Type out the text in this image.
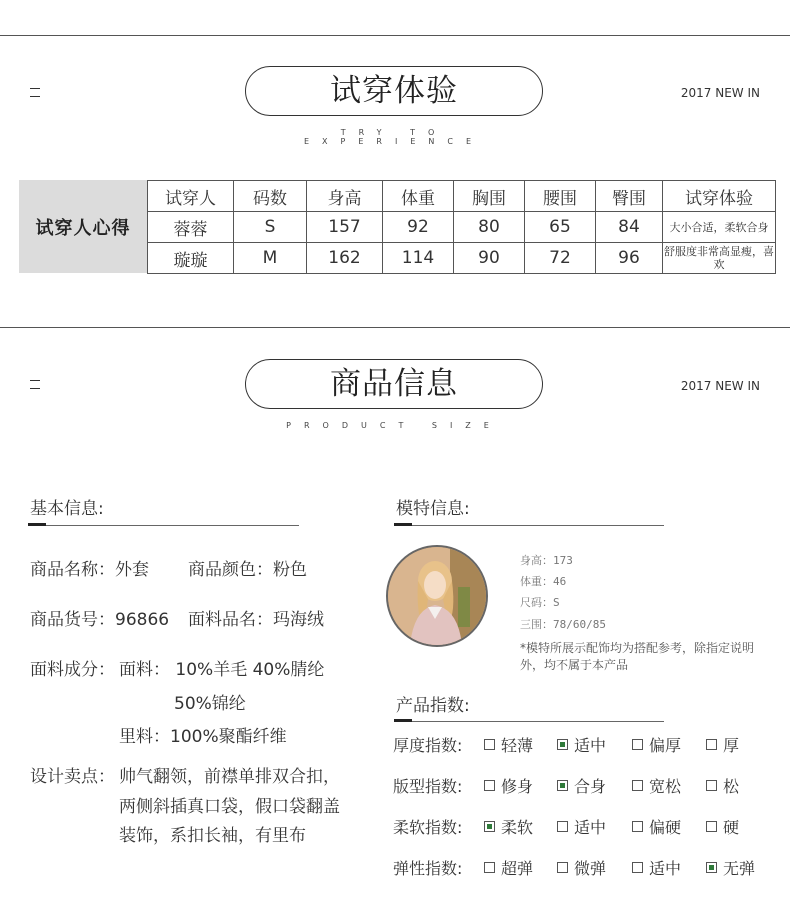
试穿体验
TRY TO EXPERIENCE
2017 NEW IN
试穿人心得
试穿人	码数	身高	体重	胸围	腰围	臀围	试穿体验
蓉蓉	S	157	92	80	65	84	大小合适，柔软合身
璇璇	M	162	114	90	72	96	舒服度非常高显瘦，喜欢
商品信息
PRODUCT SIZE
2017 NEW IN
基本信息:
商品名称：外套 商品颜色：粉色
商品货号：96866 面料品名：玛海绒
面料成分： 面料： 10%羊毛 40%腈纶
50%锦纶
里料：100%聚酯纤维
设计卖点： 帅气翻领，前襟单排双合扣，
两侧斜插真口袋，假口袋翻盖
装饰，系扣长袖，有里布
模特信息:
身高：173
体重：46
尺码：S
三围：78/60/85
*模特所展示配饰均为搭配参考，除指定说明外，均不属于本产品
产品指数:
厚度指数:	轻薄	适中	偏厚	厚
版型指数:	修身	合身	宽松	松
柔软指数:	柔软	适中	偏硬	硬
弹性指数:	超弹	微弹	适中	无弹
